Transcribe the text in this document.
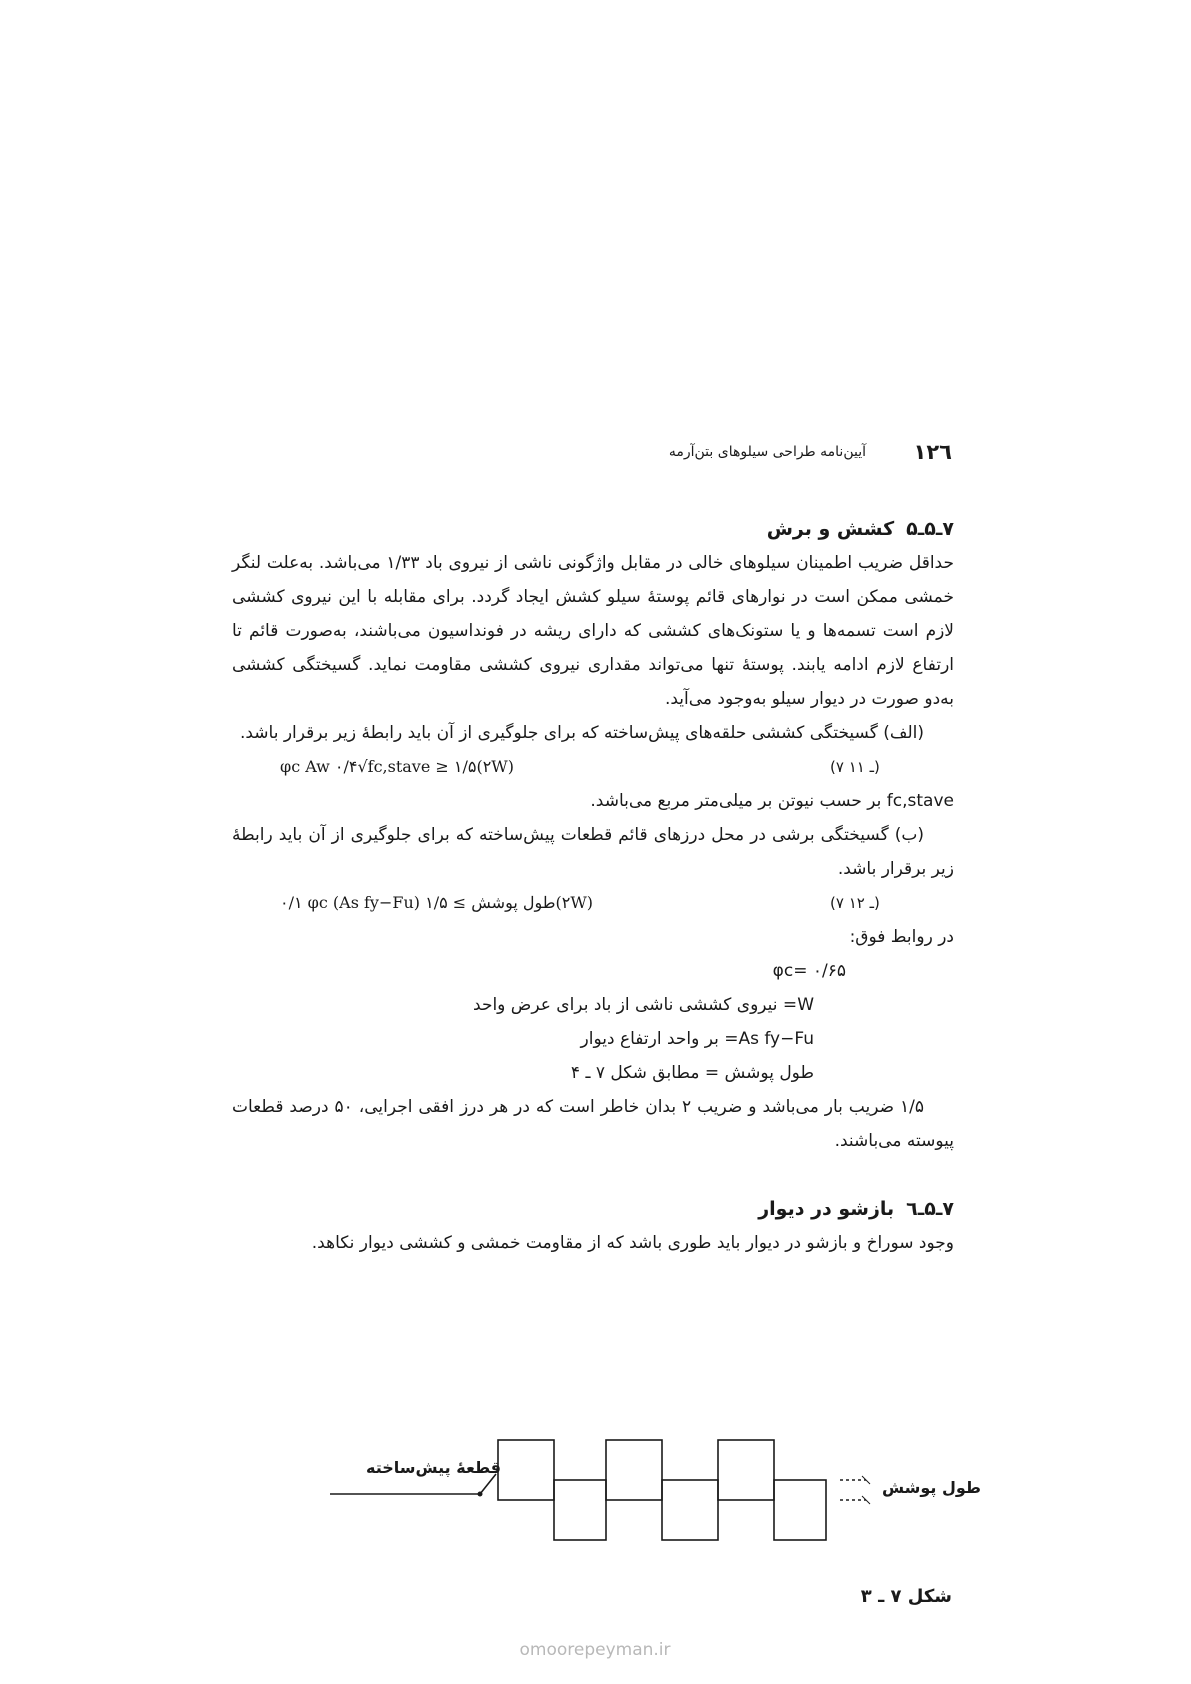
۱۲٦
آیین‌نامه طراحی سیلوهای بتن‌آرمه
۷ـ۵ـ۵کشش و برش

حداقل ضریب اطمینان سیلوهای خالی در مقابل واژگونی ناشی از نیروی باد ۱/۳۳ می‌باشد. به‌علت لنگر خمشی ممکن است در نوارهای قائم پوستهٔ سیلو کشش ایجاد گردد. برای مقابله با این نیروی کششی لازم است تسمه‌ها و یا ستونک‌های کششی که دارای ریشه در فونداسیون می‌باشند، به‌صورت قائم تا ارتفاع لازم ادامه یابند. پوستهٔ تنها می‌تواند مقداری نیروی کششی مقاومت نماید. گسیختگی کششی به‌دو صورت در دیوار سیلو به‌وجود می‌آید.

(الف) گسیختگی کششی حلقه‌های پیش‌ساخته که برای جلوگیری از آن باید رابطهٔ زیر برقرار باشد.

φc Aw ۰/۴√fc,stave ≥ ۱/۵(۲W)	(۷ ـ ۱۱)

fc,stave بر حسب نیوتن بر میلی‌متر مربع می‌باشد.

(ب) گسیختگی برشی در محل درزهای قائم قطعات پیش‌ساخته که برای جلوگیری از آن باید رابطهٔ زیر برقرار باشد.

۰/۱ φc (As fy−Fu) طول پوشش ≥ ۱/۵(۲W)	(۷ ـ ۱۲)

در روابط فوق:

φc= ۰/۶۵

W= نیروی کششی ناشی از باد برای عرض واحد

As fy−Fu= بر واحد ارتفاع دیوار

طول پوشش = مطابق شکل ۷ ـ ۴

۱/۵ ضریب بار می‌باشد و ضریب ۲ بدان خاطر است که در هر درز افقی اجرایی، ۵۰ درصد قطعات پیوسته می‌باشند.

۷ـ۵ـ٦بازشو در دیوار

وجود سوراخ و بازشو در دیوار باید طوری باشد که از مقاومت خمشی و کششی دیوار نکاهد.

قطعهٔ پیش‌ساخته
طول پوشش
شکل ۷ ـ ۳
omoorepeyman.ir
